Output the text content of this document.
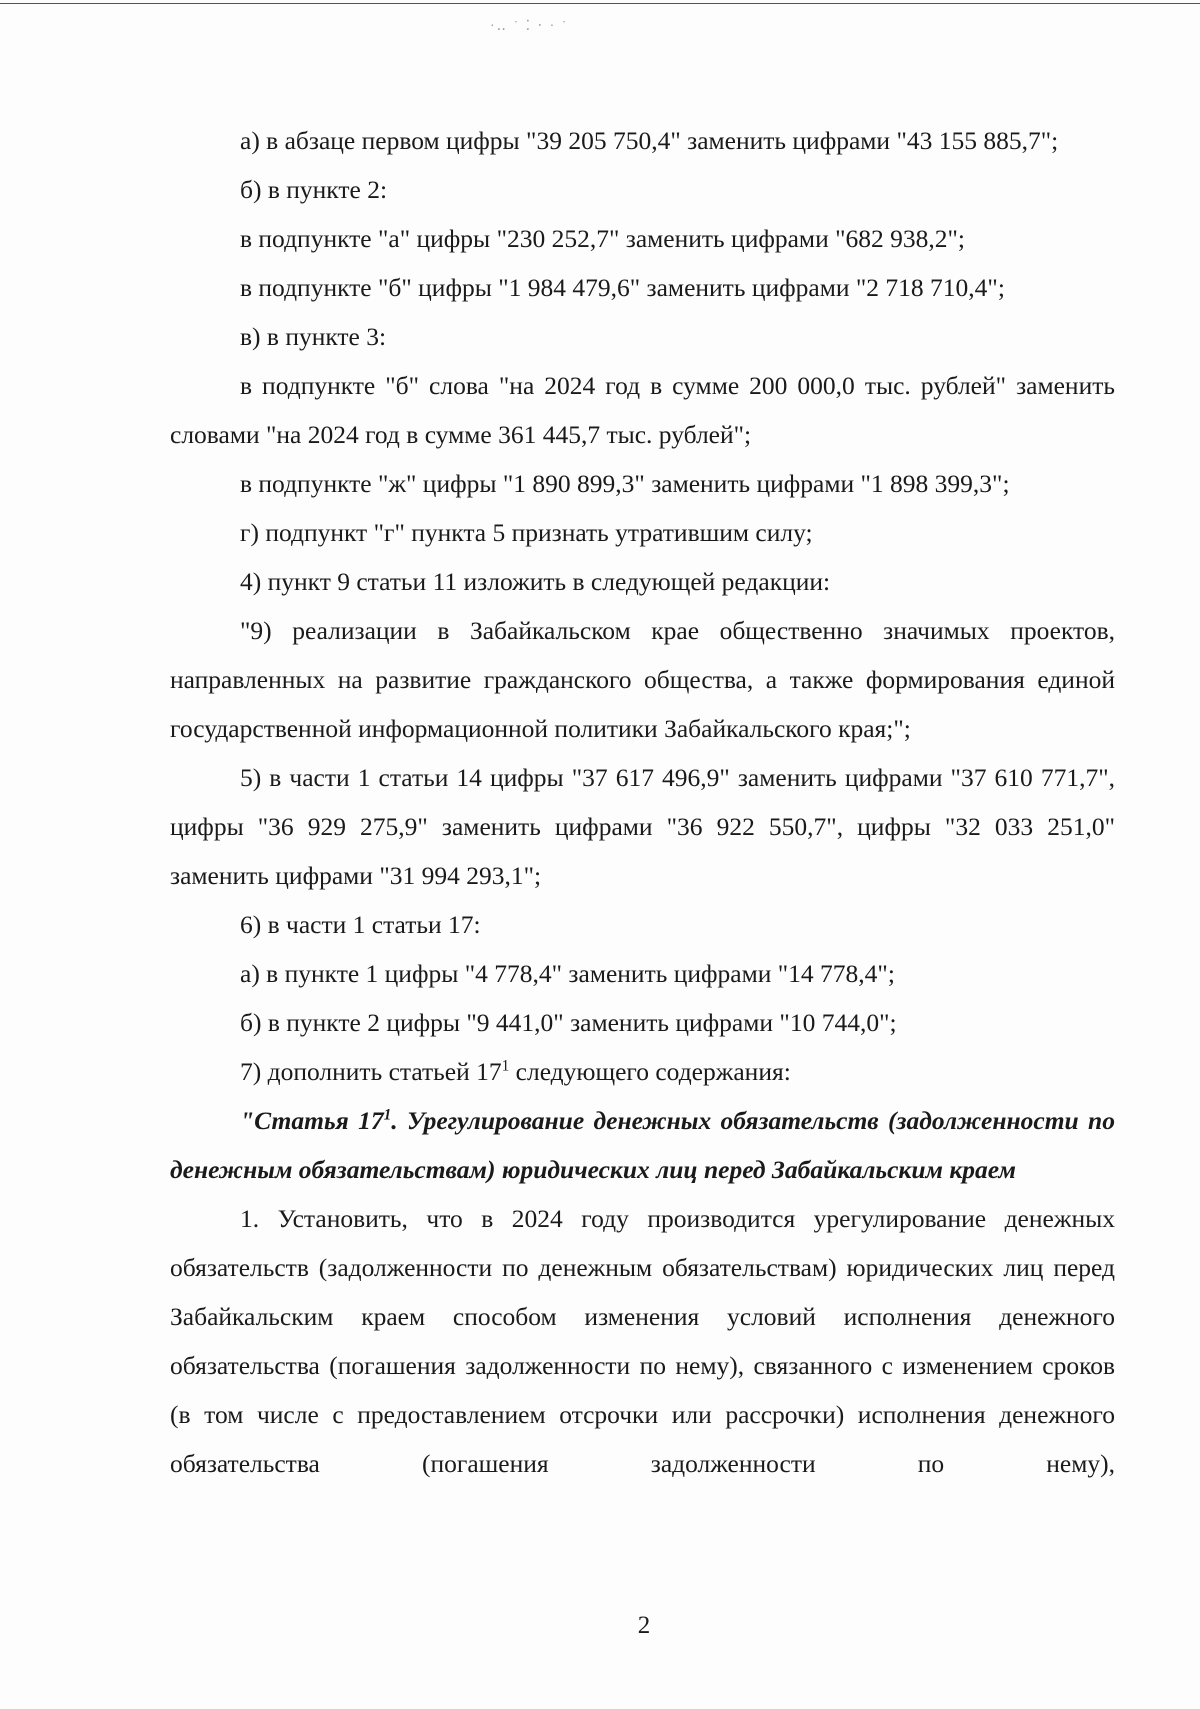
·‥ ˙ ⁚ ‧ · ˙

а) в абзаце первом цифры "39 205 750,4" заменить цифрами "43 155 885,7";

б) в пункте 2:

в подпункте "а" цифры "230 252,7" заменить цифрами "682 938,2";

в подпункте "б" цифры "1 984 479,6" заменить цифрами "2 718 710,4";

в) в пункте 3:

в подпункте "б" слова "на 2024 год в сумме 200 000,0 тыс. рублей" заменить словами "на 2024 год в сумме 361 445,7 тыс. рублей";

в подпункте "ж" цифры "1 890 899,3" заменить цифрами "1 898 399,3";

г) подпункт "г" пункта 5 признать утратившим силу;

4) пункт 9 статьи 11 изложить в следующей редакции:

"9) реализации в Забайкальском крае общественно значимых проектов, направленных на развитие гражданского общества, а также формирования единой государственной информационной политики Забайкальского края;";

5) в части 1 статьи 14 цифры "37 617 496,9" заменить цифрами "37 610 771,7", цифры "36 929 275,9" заменить цифрами "36 922 550,7", цифры "32 033 251,0" заменить цифрами "31 994 293,1";

6) в части 1 статьи 17:

а) в пункте 1 цифры "4 778,4" заменить цифрами "14 778,4";

б) в пункте 2 цифры "9 441,0" заменить цифрами "10 744,0";

7) дополнить статьей $17^1$ следующего содержания:

"Статья $17^1$. Урегулирование денежных обязательств (задолженности по денежным обязательствам) юридических лиц перед Забайкальским краем

1. Установить, что в 2024 году производится урегулирование денежных обязательств (задолженности по денежным обязательствам) юридических лиц перед Забайкальским краем способом изменения условий исполнения денежного обязательства (погашения задолженности по нему), связанного с изменением сроков (в том числе с предоставлением отсрочки или рассрочки) исполнения денежного обязательства (погашения задолженности по нему),

2
